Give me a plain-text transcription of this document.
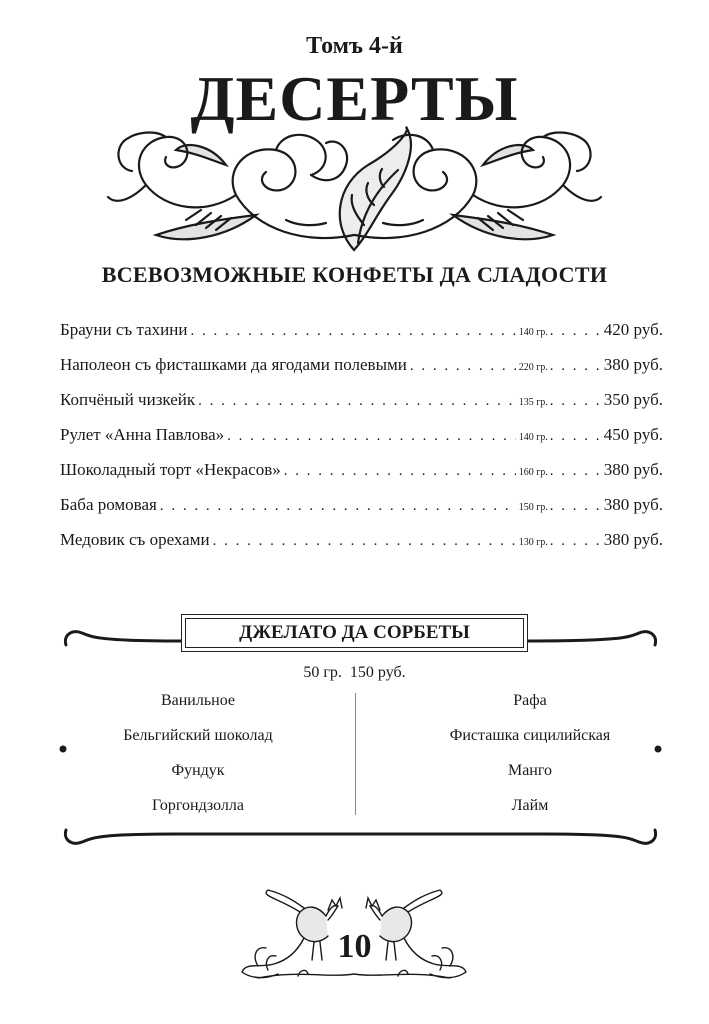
Томъ 4-й
ДЕСЕРТЫ
ВСЕВОЗМОЖНЫЕ КОНФЕТЫ ДА СЛАДОСТИ
Брауни съ тахини . . .	140 гр. . . .	420 руб.
Наполеон съ фисташками да ягодами полевыми . . .	220 гр. . . .	380 руб.
Копчёный чизкейк . . .	135 гр. . . .	350 руб.
Рулет «Анна Павлова» . . .	140 гр. . . .	450 руб.
Шоколадный торт «Некрасов» . . .	160 гр. . . .	380 руб.
Баба ромовая . . .	150 гр. . . .	380 руб.
Медовик съ орехами . . .	130 гр. . . .	380 руб.
ДЖЕЛАТО ДА СОРБЕТЫ
50 гр. 150 руб.
Ванильное
Бельгийский шоколад
Фундук
Горгондзолла
Рафа
Фисташка сицилийская
Манго
Лайм
10
